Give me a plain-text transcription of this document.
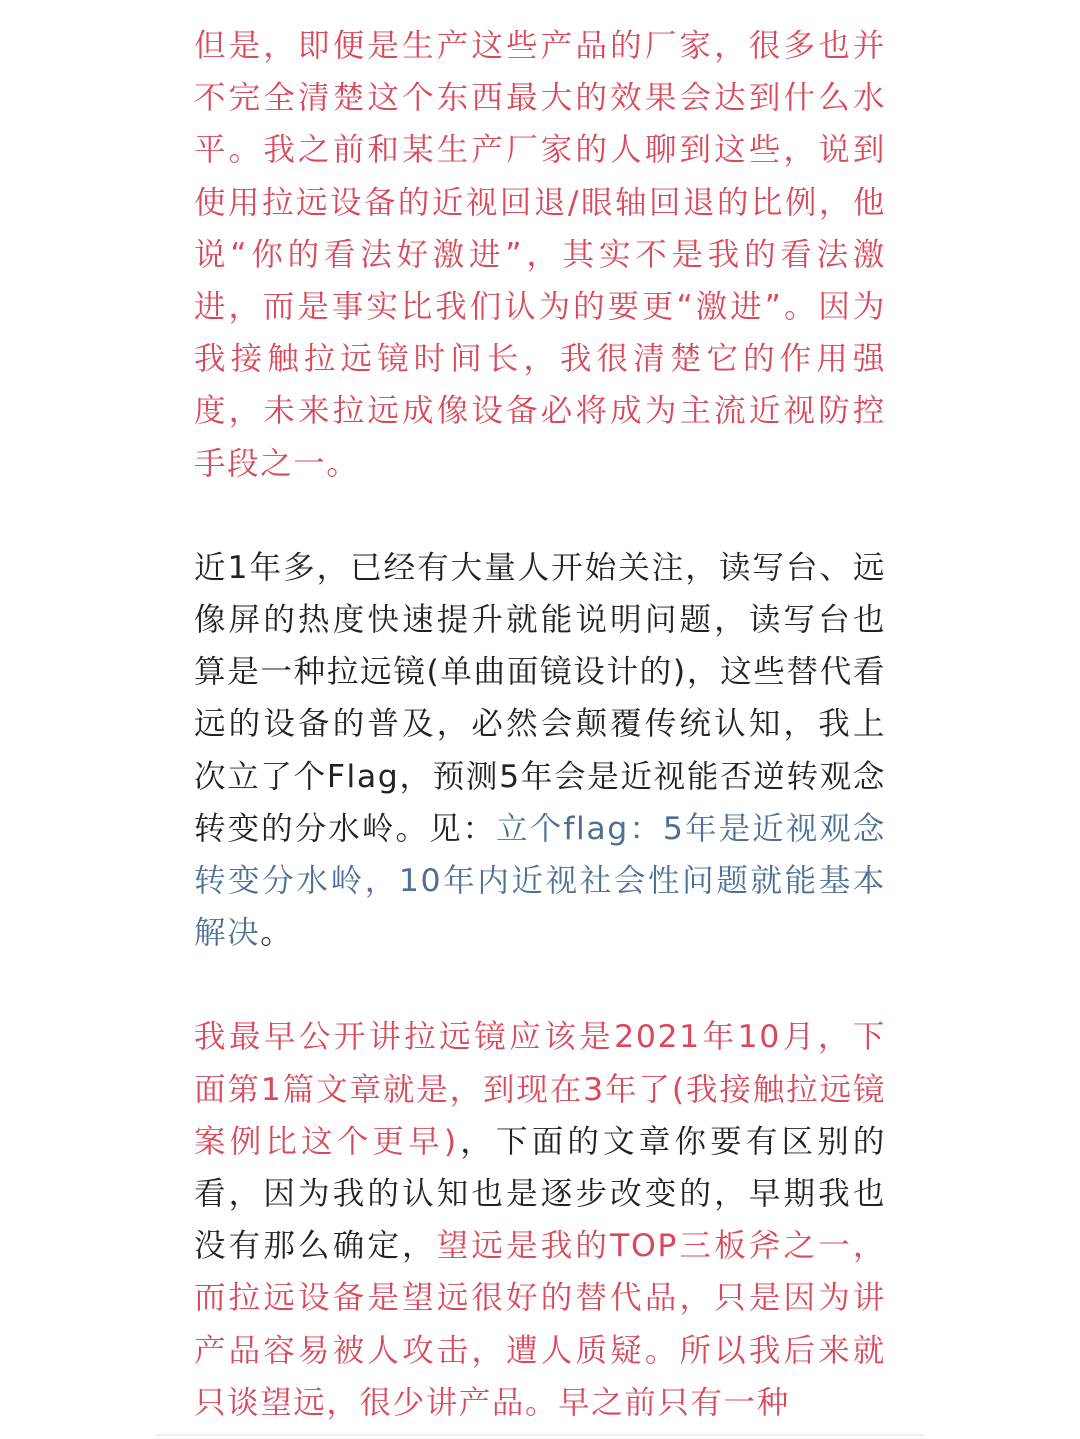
但是，即便是生产这些产品的厂家，很多也并不完全清楚这个东西最大的效果会达到什么水平。我之前和某生产厂家的人聊到这些，说到使用拉远设备的近视回退/眼轴回退的比例，他说“你的看法好激进”，其实不是我的看法激进，而是事实比我们认为的要更“激进”。因为我接触拉远镜时间长，我很清楚它的作用强度，未来拉远成像设备必将成为主流近视防控手段之一。

近1年多，已经有大量人开始关注，读写台、远像屏的热度快速提升就能说明问题，读写台也算是一种拉远镜(单曲面镜设计的)，这些替代看远的设备的普及，必然会颠覆传统认知，我上次立了个Flag，预测5年会是近视能否逆转观念转变的分水岭。见：立个flag：5年是近视观念转变分水岭，10年内近视社会性问题就能基本解决。

我最早公开讲拉远镜应该是2021年10月，下面第1篇文章就是，到现在3年了(我接触拉远镜案例比这个更早)，下面的文章你要有区别的看，因为我的认知也是逐步改变的，早期我也没有那么确定，望远是我的TOP三板斧之一，而拉远设备是望远很好的替代品，只是因为讲产品容易被人攻击，遭人质疑。所以我后来就只谈望远，很少讲产品。早之前只有一种
